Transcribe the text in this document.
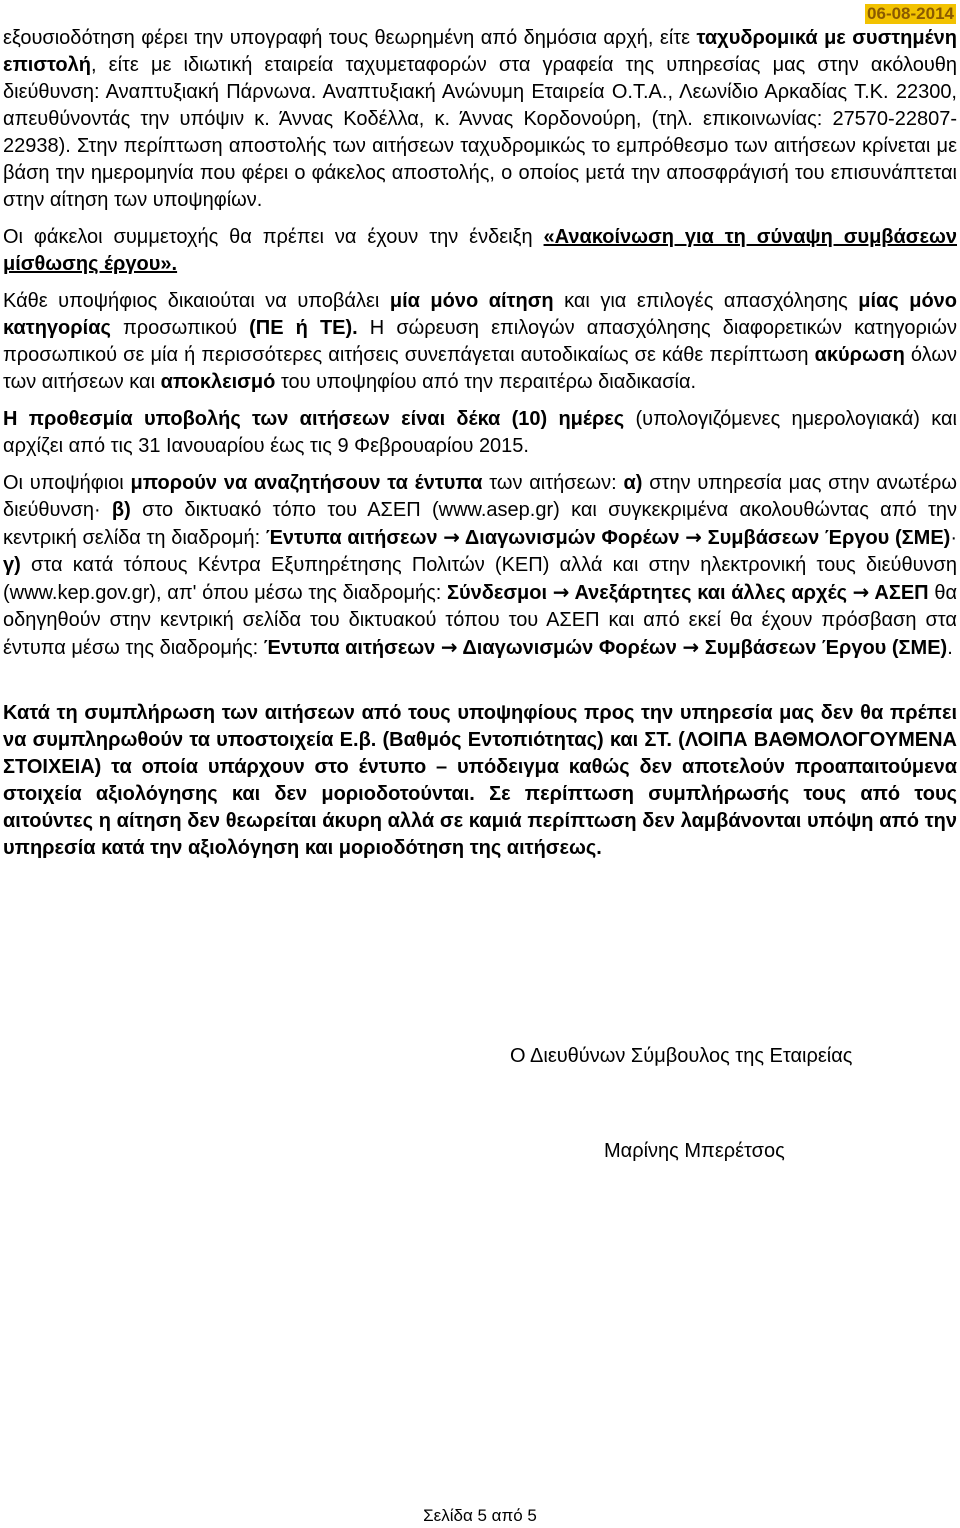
06-08-2014

εξουσιοδότηση φέρει την υπογραφή τους θεωρημένη από δημόσια αρχή, είτε ταχυδρομικά με συστημένη επιστολή, είτε με ιδιωτική εταιρεία ταχυμεταφορών στα γραφεία της υπηρεσίας μας στην ακόλουθη διεύθυνση: Αναπτυξιακή Πάρνωνα. Αναπτυξιακή Ανώνυμη Εταιρεία Ο.Τ.Α., Λεωνίδιο Αρκαδίας Τ.Κ. 22300, απευθύνοντάς την υπόψιν κ. Άννας Κοδέλλα, κ. Άννας Κορδονούρη, (τηλ. επικοινωνίας: 27570-22807-22938). Στην περίπτωση αποστολής των αιτήσεων ταχυδρομικώς το εμπρόθεσμο των αιτήσεων κρίνεται με βάση την ημερομηνία που φέρει ο φάκελος αποστολής, ο οποίος μετά την αποσφράγισή του επισυνάπτεται στην αίτηση των υποψηφίων.

Οι φάκελοι συμμετοχής θα πρέπει να έχουν την ένδειξη «Ανακοίνωση για τη σύναψη συμβάσεων μίσθωσης έργου».

Κάθε υποψήφιος δικαιούται να υποβάλει μία μόνο αίτηση και για επιλογές απασχόλησης μίας μόνο κατηγορίας προσωπικού (ΠΕ ή ΤΕ). Η σώρευση επιλογών απασχόλησης διαφορετικών κατηγοριών προσωπικού σε μία ή περισσότερες αιτήσεις συνεπάγεται αυτοδικαίως σε κάθε περίπτωση ακύρωση όλων των αιτήσεων και αποκλεισμό του υποψηφίου από την περαιτέρω διαδικασία.

Η προθεσμία υποβολής των αιτήσεων είναι δέκα (10) ημέρες (υπολογιζόμενες ημερολογιακά) και αρχίζει από τις 31 Ιανουαρίου έως τις 9 Φεβρουαρίου 2015.

Οι υποψήφιοι μπορούν να αναζητήσουν τα έντυπα των αιτήσεων: α) στην υπηρεσία μας στην ανωτέρω διεύθυνση· β) στο δικτυακό τόπο του ΑΣΕΠ (www.asep.gr) και συγκεκριμένα ακολουθώντας από την κεντρική σελίδα τη διαδρομή: Έντυπα αιτήσεων → Διαγωνισμών Φορέων → Συμβάσεων Έργου (ΣΜΕ)· γ) στα κατά τόπους Κέντρα Εξυπηρέτησης Πολιτών (ΚΕΠ) αλλά και στην ηλεκτρονική τους διεύθυνση (www.kep.gov.gr), απ' όπου μέσω της διαδρομής: Σύνδεσμοι → Ανεξάρτητες και άλλες αρχές → ΑΣΕΠ θα οδηγηθούν στην κεντρική σελίδα του δικτυακού τόπου του ΑΣΕΠ και από εκεί θα έχουν πρόσβαση στα έντυπα μέσω της διαδρομής: Έντυπα αιτήσεων → Διαγωνισμών Φορέων → Συμβάσεων Έργου (ΣΜΕ).

Κατά τη συμπλήρωση των αιτήσεων από τους υποψηφίους προς την υπηρεσία μας δεν θα πρέπει να συμπληρωθούν τα υποστοιχεία Ε.β. (Βαθμός Εντοπιότητας) και ΣΤ. (ΛΟΙΠΑ ΒΑΘΜΟΛΟΓΟΥΜΕΝΑ ΣΤΟΙΧΕΙΑ) τα οποία υπάρχουν στο έντυπο – υπόδειγμα καθώς δεν αποτελούν προαπαιτούμενα στοιχεία αξιολόγησης και δεν μοριοδοτούνται. Σε περίπτωση συμπλήρωσής τους από τους αιτούντες η αίτηση δεν θεωρείται άκυρη αλλά σε καμιά περίπτωση δεν λαμβάνονται υπόψη από την υπηρεσία κατά την αξιολόγηση και μοριοδότηση της αιτήσεως.

Ο Διευθύνων Σύμβουλος της Εταιρείας
Μαρίνης Μπερέτσος
Σελίδα 5 από 5
